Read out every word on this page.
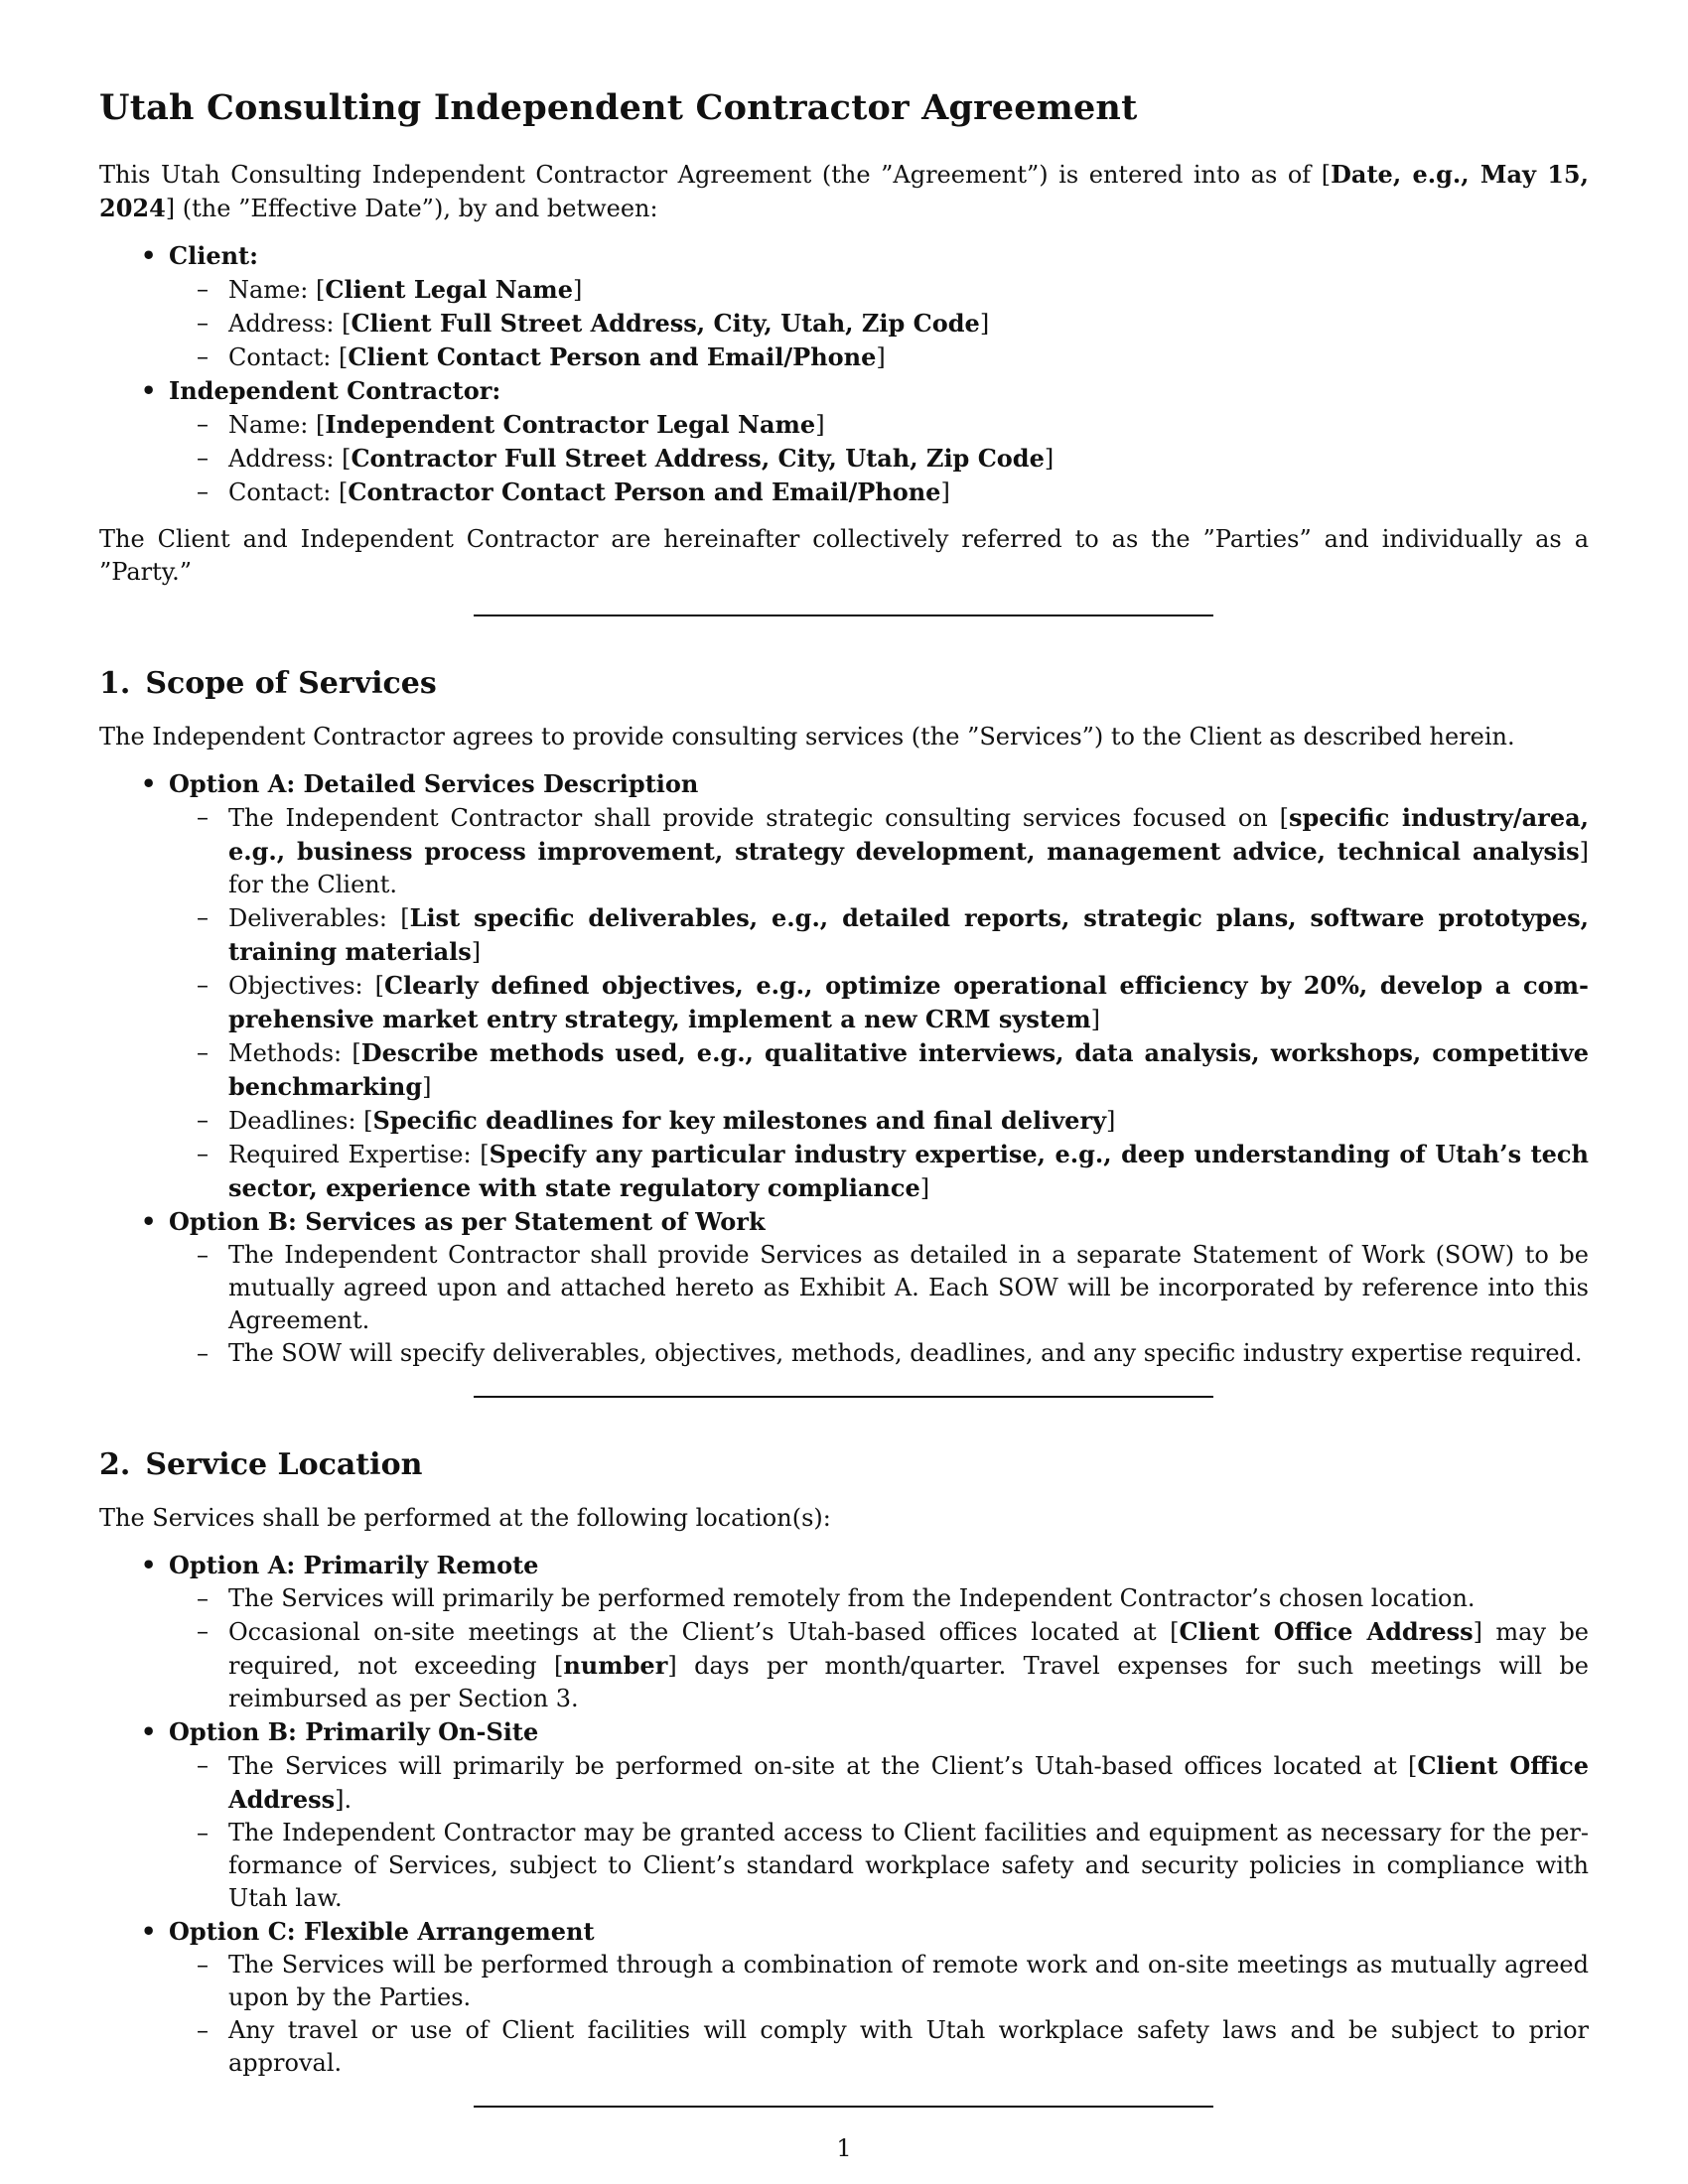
Utah Consulting Independent Contractor Agreement

This Utah Consulting Independent Contractor Agreement (the ”Agreement”) is entered into as of [Date, e.g., May 15, 2024] (the ”Effective Date”), by and between:

• Client:
– Name: [Client Legal Name]
– Address: [Client Full Street Address, City, Utah, Zip Code]
– Contact: [Client Contact Person and Email/Phone]
• Independent Contractor:
– Name: [Independent Contractor Legal Name]
– Address: [Contractor Full Street Address, City, Utah, Zip Code]
– Contact: [Contractor Contact Person and Email/Phone]

The Client and Independent Contractor are hereinafter collectively referred to as the ”Parties” and individually as a ”Party.”

1. Scope of Services

The Independent Contractor agrees to provide consulting services (the ”Services”) to the Client as described herein.

• Option A: Detailed Services Description
– The Independent Contractor shall provide strategic consulting services focused on [specific industry/area, e.g., business process improvement, strategy development, management advice, technical analysis] for the Client.
– Deliverables: [List specific deliverables, e.g., detailed reports, strategic plans, software prototypes, training materials]
– Objectives: [Clearly defined objectives, e.g., optimize operational efficiency by 20%, develop a comprehensive market entry strategy, implement a new CRM system]
– Methods: [Describe methods used, e.g., qualitative interviews, data analysis, workshops, competitive benchmarking]
– Deadlines: [Specific deadlines for key milestones and final delivery]
– Required Expertise: [Specify any particular industry expertise, e.g., deep understanding of Utah’s tech sector, experience with state regulatory compliance]
• Option B: Services as per Statement of Work
– The Independent Contractor shall provide Services as detailed in a separate Statement of Work (SOW) to be mutually agreed upon and attached hereto as Exhibit A. Each SOW will be incorporated by reference into this Agreement.
– The SOW will specify deliverables, objectives, methods, deadlines, and any specific industry expertise required.
2. Service Location

The Services shall be performed at the following location(s):

• Option A: Primarily Remote
– The Services will primarily be performed remotely from the Independent Contractor’s chosen location.
– Occasional on-site meetings at the Client’s Utah-based offices located at [Client Office Address] may be required, not exceeding [number] days per month/quarter. Travel expenses for such meetings will be reimbursed as per Section 3.
• Option B: Primarily On-Site
– The Services will primarily be performed on-site at the Client’s Utah-based offices located at [Client Office Address].
– The Independent Contractor may be granted access to Client facilities and equipment as necessary for the performance of Services, subject to Client’s standard workplace safety and security policies in compliance with Utah law.
• Option C: Flexible Arrangement
– The Services will be performed through a combination of remote work and on-site meetings as mutually agreed upon by the Parties.
– Any travel or use of Client facilities will comply with Utah workplace safety laws and be subject to prior approval.
1
